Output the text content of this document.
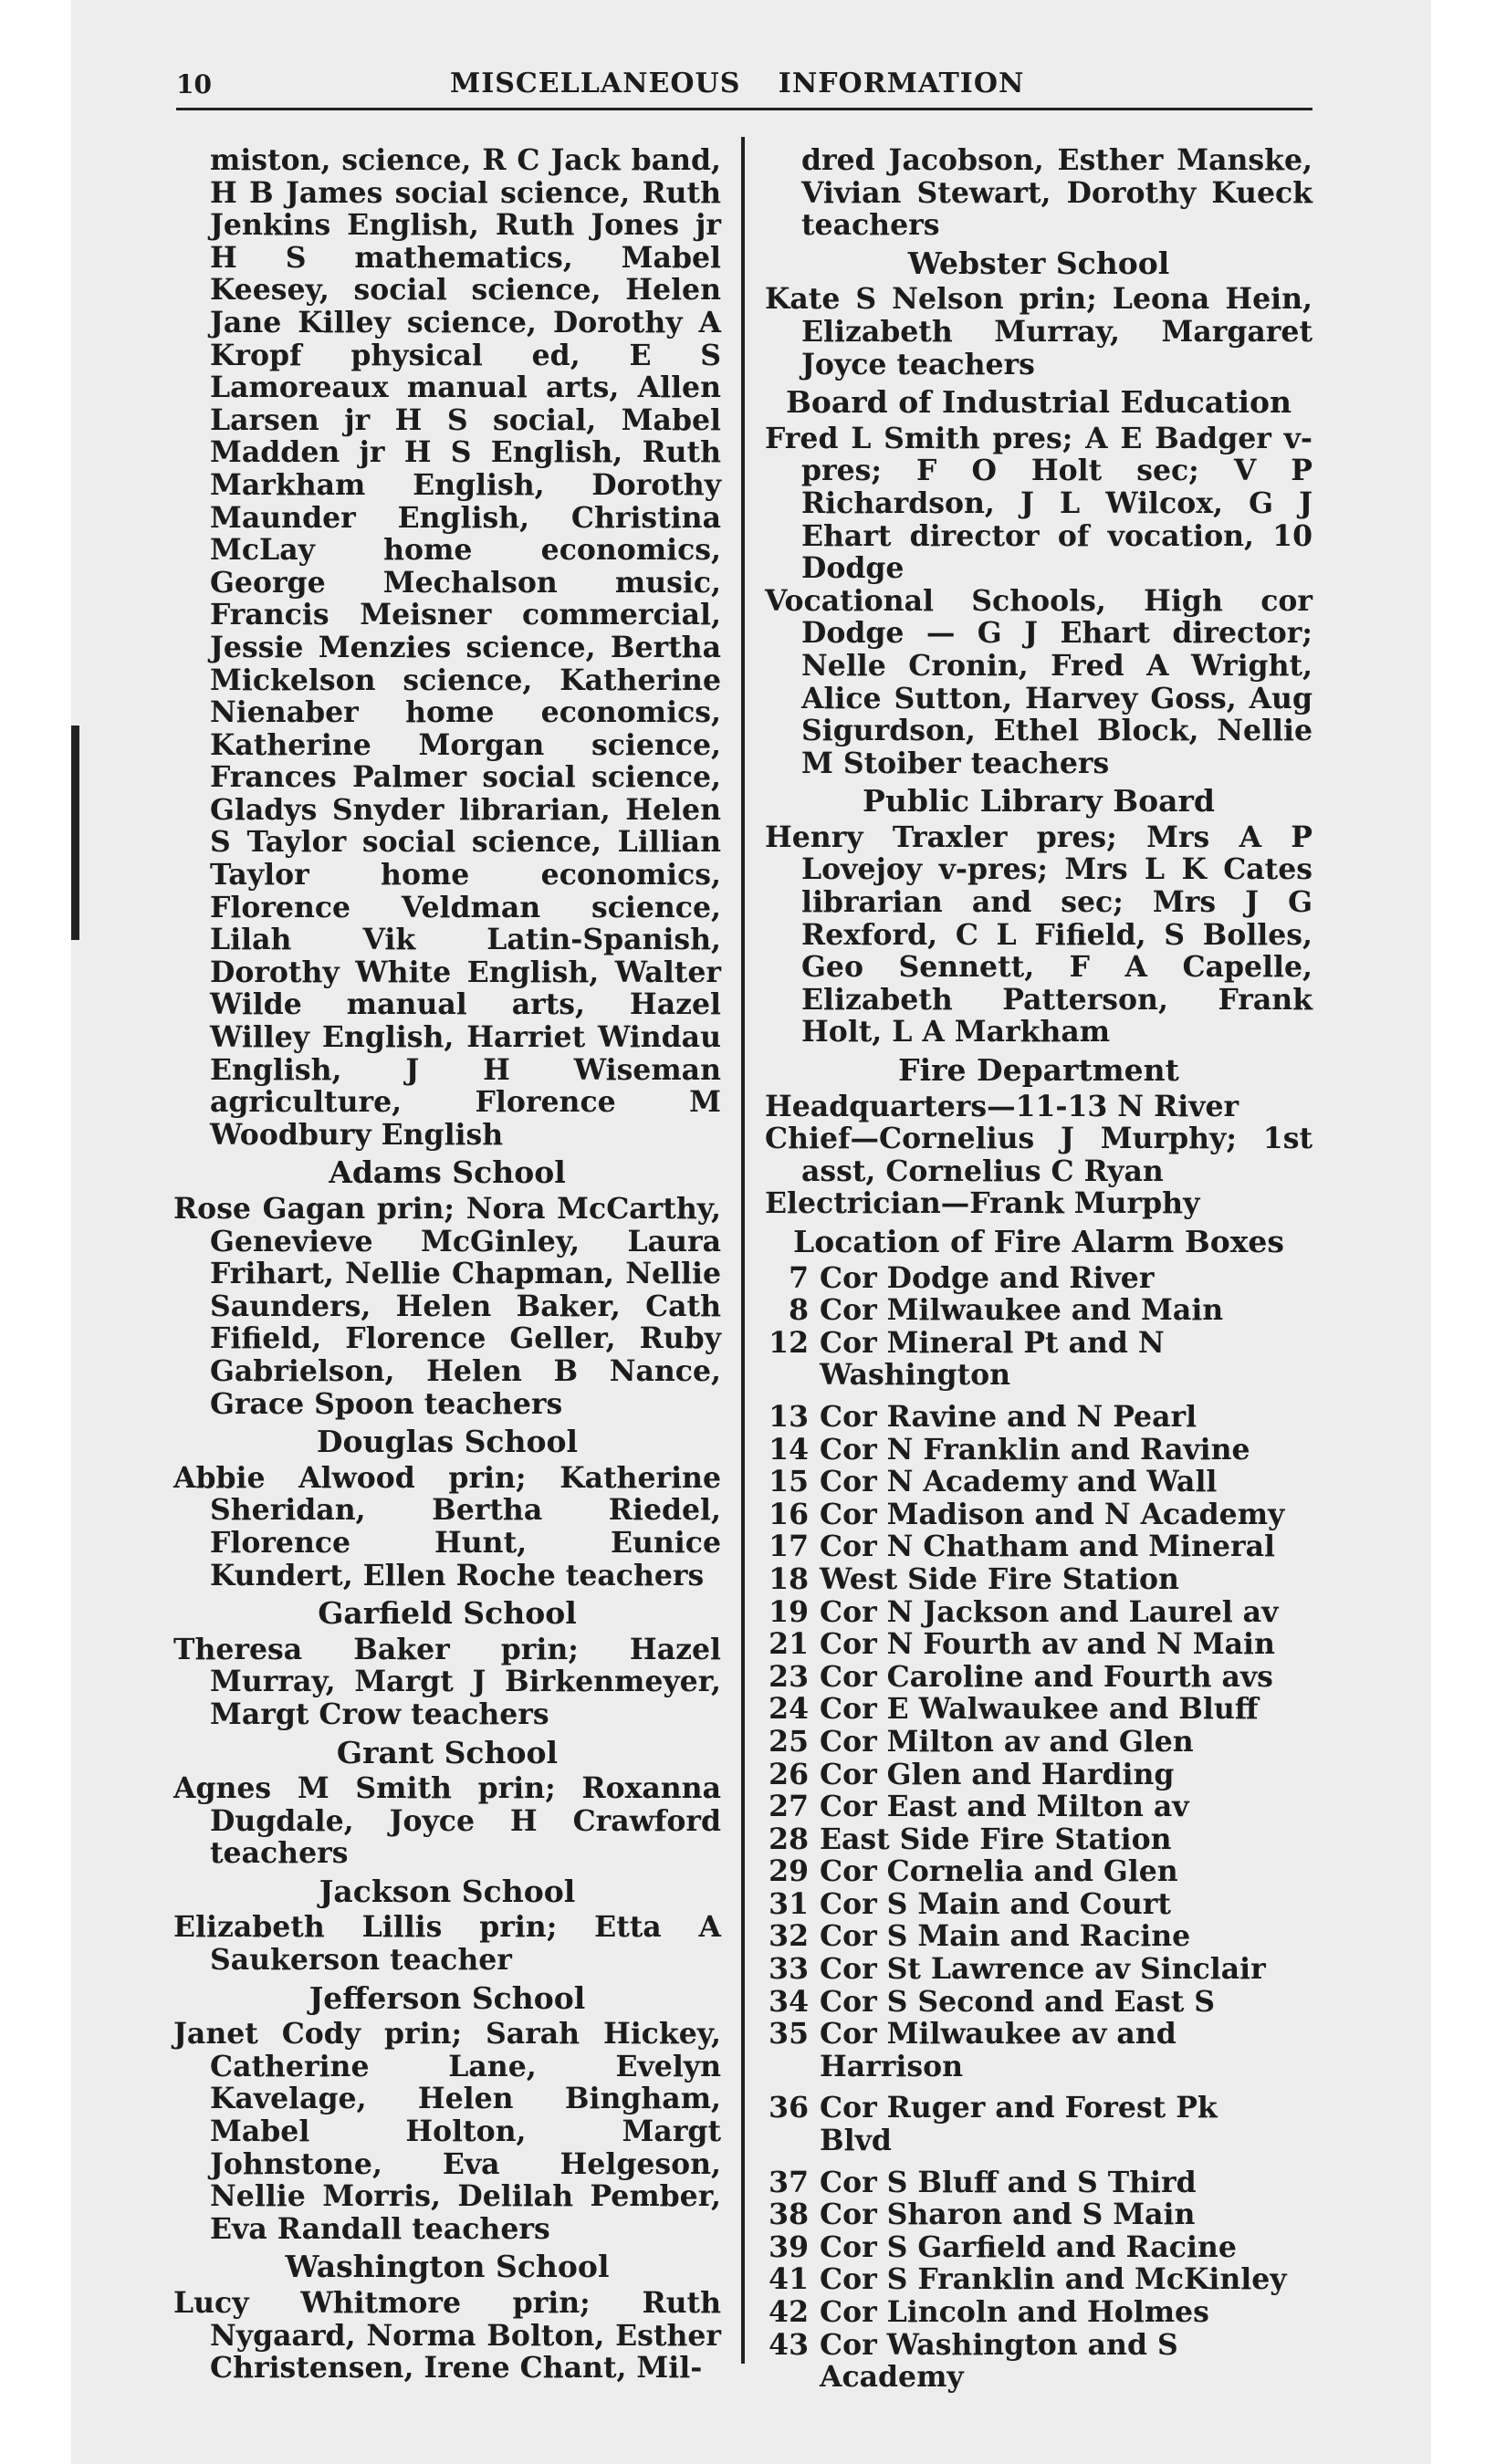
10	MISCELLANEOUS INFORMATION

miston, science, R C Jack band, H B James social science, Ruth Jenkins English, Ruth Jones jr H S mathematics, Mabel Keesey, social science, Helen Jane Killey science, Dorothy A Kropf physical ed, E S Lamoreaux manual arts, Allen Larsen jr H S social, Mabel Madden jr H S English, Ruth Markham English, Dorothy Maunder English, Christina McLay home economics, George Mechalson music, Francis Meisner commercial, Jessie Menzies science, Bertha Mickelson science, Katherine Nienaber home economics, Katherine Morgan science, Frances Palmer social science, Gladys Snyder librarian, Helen S Taylor social science, Lillian Taylor home economics, Florence Veldman science, Lilah Vik Latin-Spanish, Dorothy White English, Walter Wilde manual arts, Hazel Willey English, Harriet Windau English, J H Wiseman agriculture, Florence M Woodbury English

Adams School

Rose Gagan prin; Nora McCarthy, Genevieve McGinley, Laura Frihart, Nellie Chapman, Nellie Saunders, Helen Baker, Cath Fifield, Florence Geller, Ruby Gabrielson, Helen B Nance, Grace Spoon teachers

Douglas School

Abbie Alwood prin; Katherine Sheridan, Bertha Riedel, Florence Hunt, Eunice Kundert, Ellen Roche teachers

Garfield School

Theresa Baker prin; Hazel Murray, Margt J Birkenmeyer, Margt Crow teachers

Grant School

Agnes M Smith prin; Roxanna Dugdale, Joyce H Crawford teachers

Jackson School

Elizabeth Lillis prin; Etta A Saukerson teacher

Jefferson School

Janet Cody prin; Sarah Hickey, Catherine Lane, Evelyn Kavelage, Helen Bingham, Mabel Holton, Margt Johnstone, Eva Helgeson, Nellie Morris, Delilah Pember, Eva Randall teachers

Washington School

Lucy Whitmore prin; Ruth Nygaard, Norma Bolton, Esther Christensen, Irene Chant, Mil-

dred Jacobson, Esther Manske, Vivian Stewart, Dorothy Kueck teachers

Webster School

Kate S Nelson prin; Leona Hein, Elizabeth Murray, Margaret Joyce teachers

Board of Industrial Education

Fred L Smith pres; A E Badger v-pres; F O Holt sec; V P Richardson, J L Wilcox, G J Ehart director of vocation, 10 Dodge

Vocational Schools, High cor Dodge — G J Ehart director; Nelle Cronin, Fred A Wright, Alice Sutton, Harvey Goss, Aug Sigurdson, Ethel Block, Nellie M Stoiber teachers

Public Library Board

Henry Traxler pres; Mrs A P Lovejoy v-pres; Mrs L K Cates librarian and sec; Mrs J G Rexford, C L Fifield, S Bolles, Geo Sennett, F A Capelle, Elizabeth Patterson, Frank Holt, L A Markham

Fire Department

Headquarters—11-13 N River

Chief—Cornelius J Murphy; 1st asst, Cornelius C Ryan

Electrician—Frank Murphy

Location of Fire Alarm Boxes
7 Cor Dodge and River
8 Cor Milwaukee and Main
12 Cor Mineral Pt and N Washington
13 Cor Ravine and N Pearl
14 Cor N Franklin and Ravine
15 Cor N Academy and Wall
16 Cor Madison and N Academy
17 Cor N Chatham and Mineral
18 West Side Fire Station
19 Cor N Jackson and Laurel av
21 Cor N Fourth av and N Main
23 Cor Caroline and Fourth avs
24 Cor E Walwaukee and Bluff
25 Cor Milton av and Glen
26 Cor Glen and Harding
27 Cor East and Milton av
28 East Side Fire Station
29 Cor Cornelia and Glen
31 Cor S Main and Court
32 Cor S Main and Racine
33 Cor St Lawrence av Sinclair
34 Cor S Second and East S
35 Cor Milwaukee av and Harrison
36 Cor Ruger and Forest Pk Blvd
37 Cor S Bluff and S Third
38 Cor Sharon and S Main
39 Cor S Garfield and Racine
41 Cor S Franklin and McKinley
42 Cor Lincoln and Holmes
43 Cor Washington and S Academy
